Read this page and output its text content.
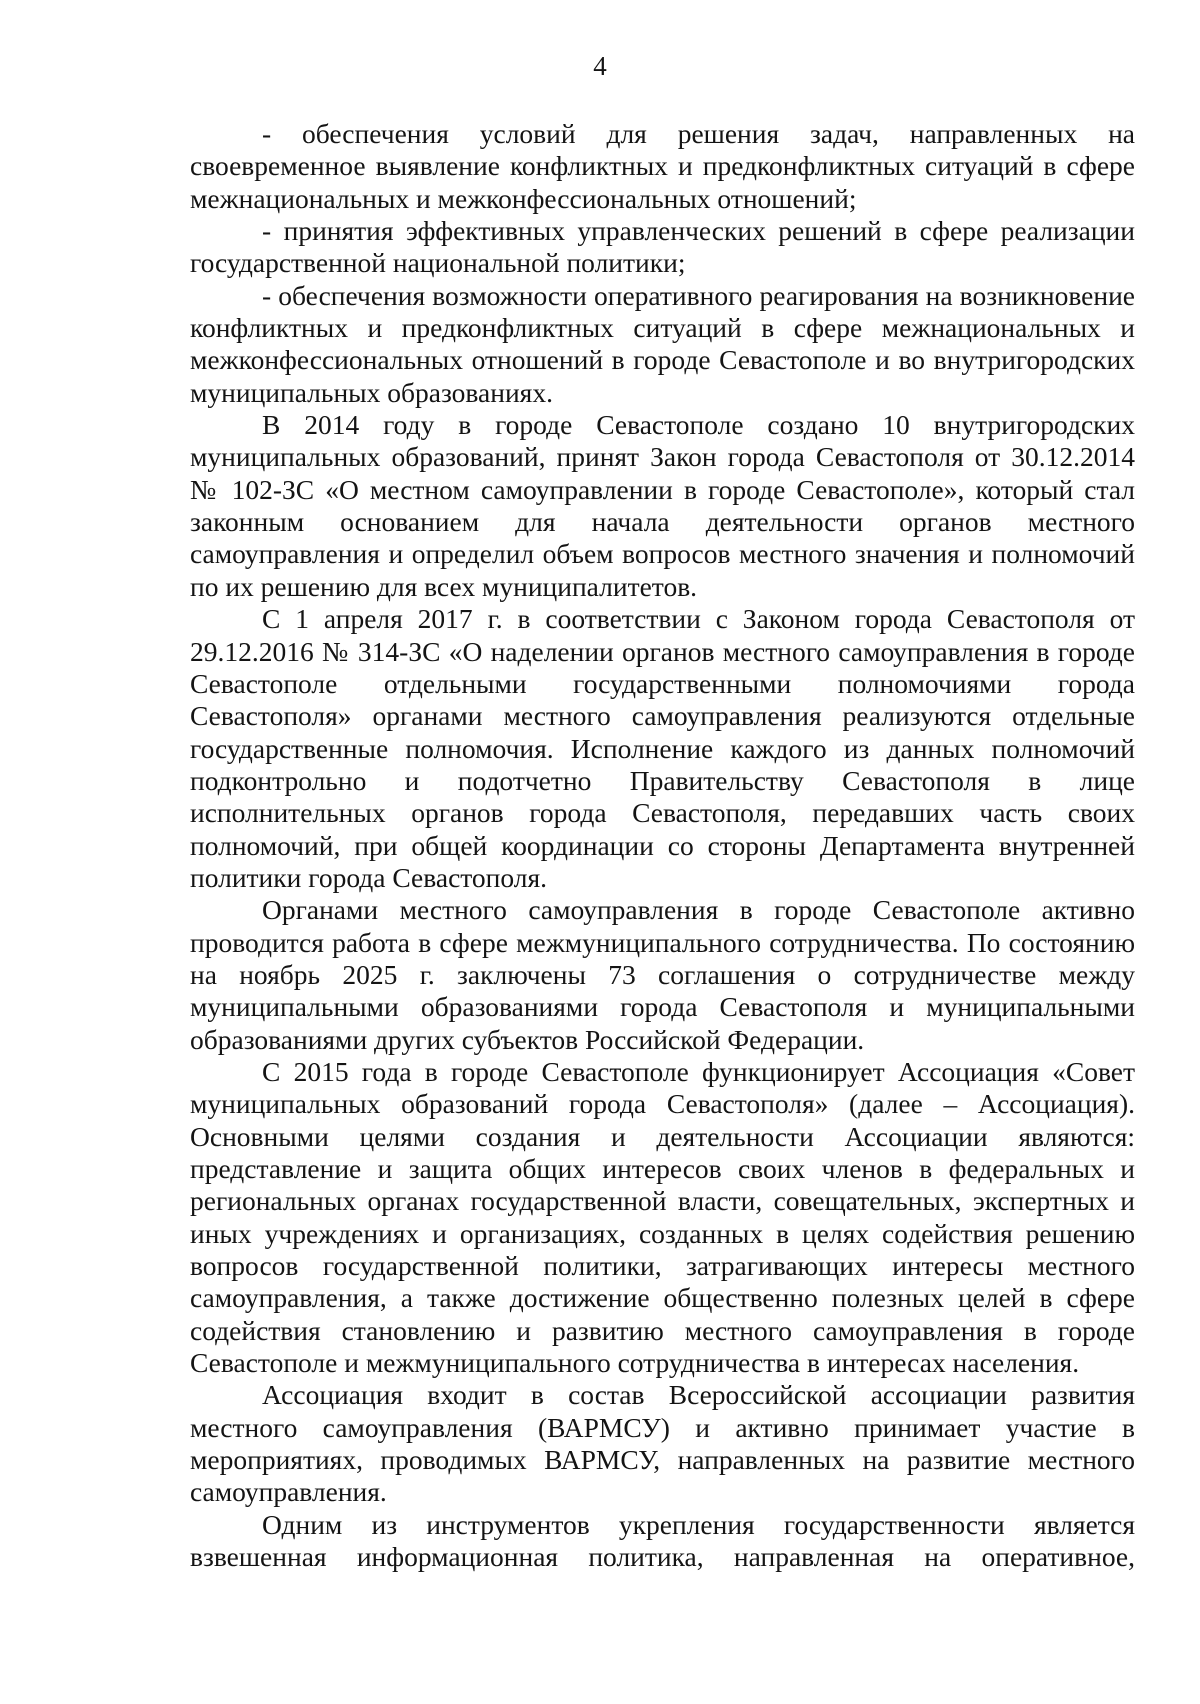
4

- обеспечения условий для решения задач, направленных на своевременное выявление конфликтных и предконфликтных ситуаций в сфере межнациональных и межконфессиональных отношений;

- принятия эффективных управленческих решений в сфере реализации государственной национальной политики;

- обеспечения возможности оперативного реагирования на возникновение конфликтных и предконфликтных ситуаций в сфере межнациональных и межконфессиональных отношений в городе Севастополе и во внутригородских муниципальных образованиях.

В 2014 году в городе Севастополе создано 10 внутригородских муниципальных образований, принят Закон города Севастополя от 30.12.2014 № 102-ЗС «О местном самоуправлении в городе Севастополе», который стал законным основанием для начала деятельности органов местного самоуправления и определил объем вопросов местного значения и полномочий по их решению для всех муниципалитетов.

С 1 апреля 2017 г. в соответствии с Законом города Севастополя от 29.12.2016 № 314-ЗС «О наделении органов местного самоуправления в городе Севастополе отдельными государственными полномочиями города Севастополя» органами местного самоуправления реализуются отдельные государственные полномочия. Исполнение каждого из данных полномочий подконтрольно и подотчетно Правительству Севастополя в лице исполнительных органов города Севастополя, передавших часть своих полномочий, при общей координации со стороны Департамента внутренней политики города Севастополя.

Органами местного самоуправления в городе Севастополе активно проводится работа в сфере межмуниципального сотрудничества. По состоянию на ноябрь 2025 г. заключены 73 соглашения о сотрудничестве между муниципальными образованиями города Севастополя и муниципальными образованиями других субъектов Российской Федерации.

С 2015 года в городе Севастополе функционирует Ассоциация «Совет муниципальных образований города Севастополя» (далее – Ассоциация). Основными целями создания и деятельности Ассоциации являются: представление и защита общих интересов своих членов в федеральных и региональных органах государственной власти, совещательных, экспертных и иных учреждениях и организациях, созданных в целях содействия решению вопросов государственной политики, затрагивающих интересы местного самоуправления, а также достижение общественно полезных целей в сфере содействия становлению и развитию местного самоуправления в городе Севастополе и межмуниципального сотрудничества в интересах населения.

Ассоциация входит в состав Всероссийской ассоциации развития местного самоуправления (ВАРМСУ) и активно принимает участие в мероприятиях, проводимых ВАРМСУ, направленных на развитие местного самоуправления.

Одним из инструментов укрепления государственности является взвешенная информационная политика, направленная на оперативное,
